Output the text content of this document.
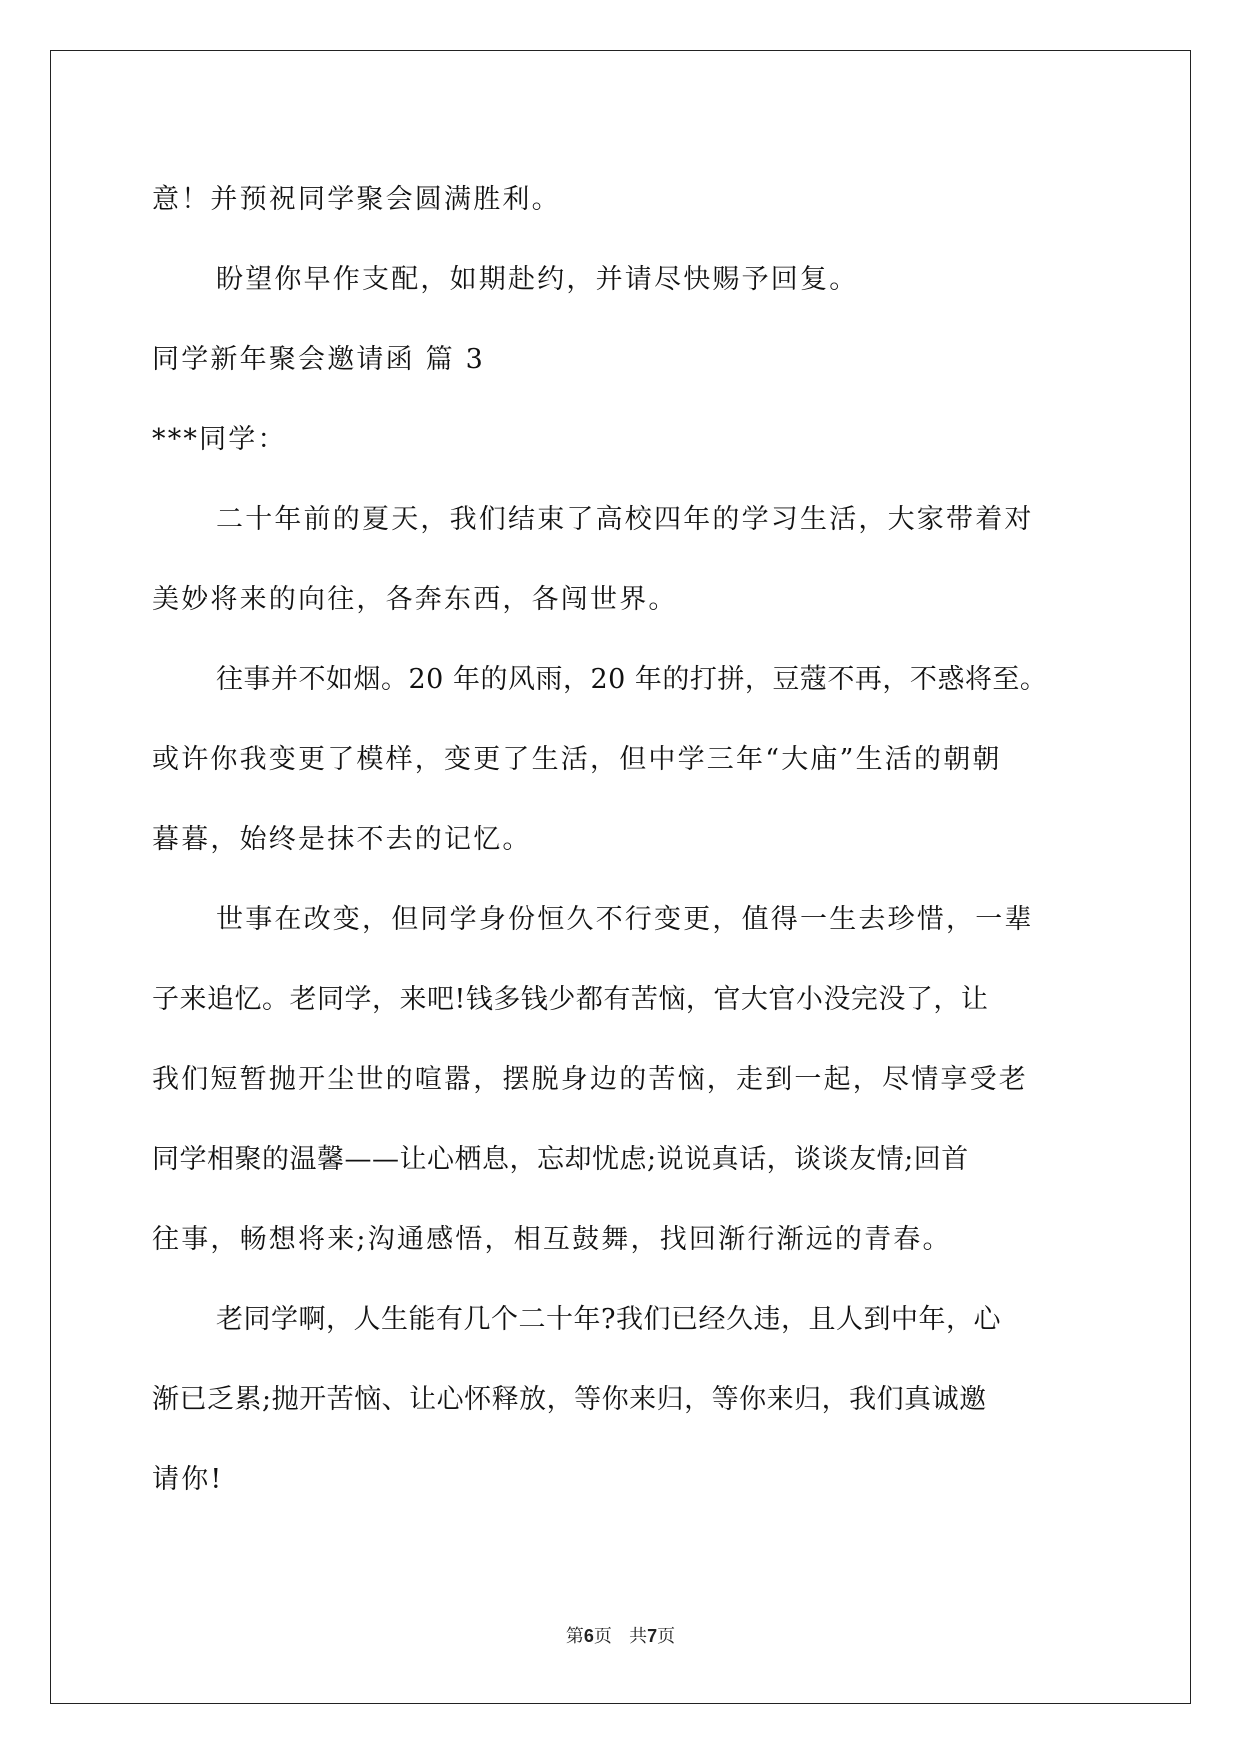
意！并预祝同学聚会圆满胜利。
盼望你早作支配，如期赴约，并请尽快赐予回复。
同学新年聚会邀请函 篇 3
***同学：
二十年前的夏天，我们结束了高校四年的学习生活，大家带着对
美妙将来的向往，各奔东西，各闯世界。
往事并不如烟。20 年的风雨，20 年的打拼，豆蔻不再，不惑将至。
或许你我变更了模样，变更了生活，但中学三年“大庙”生活的朝朝
暮暮，始终是抹不去的记忆。
世事在改变，但同学身份恒久不行变更，值得一生去珍惜，一辈
子来追忆。老同学，来吧!钱多钱少都有苦恼，官大官小没完没了，让
我们短暂抛开尘世的喧嚣，摆脱身边的苦恼，走到一起，尽情享受老
同学相聚的温馨——让心栖息，忘却忧虑;说说真话，谈谈友情;回首
往事，畅想将来;沟通感悟，相互鼓舞，找回渐行渐远的青春。
老同学啊，人生能有几个二十年?我们已经久违，且人到中年，心
渐已乏累;抛开苦恼、让心怀释放，等你来归，等你来归，我们真诚邀
请你!
第6页 共7页
